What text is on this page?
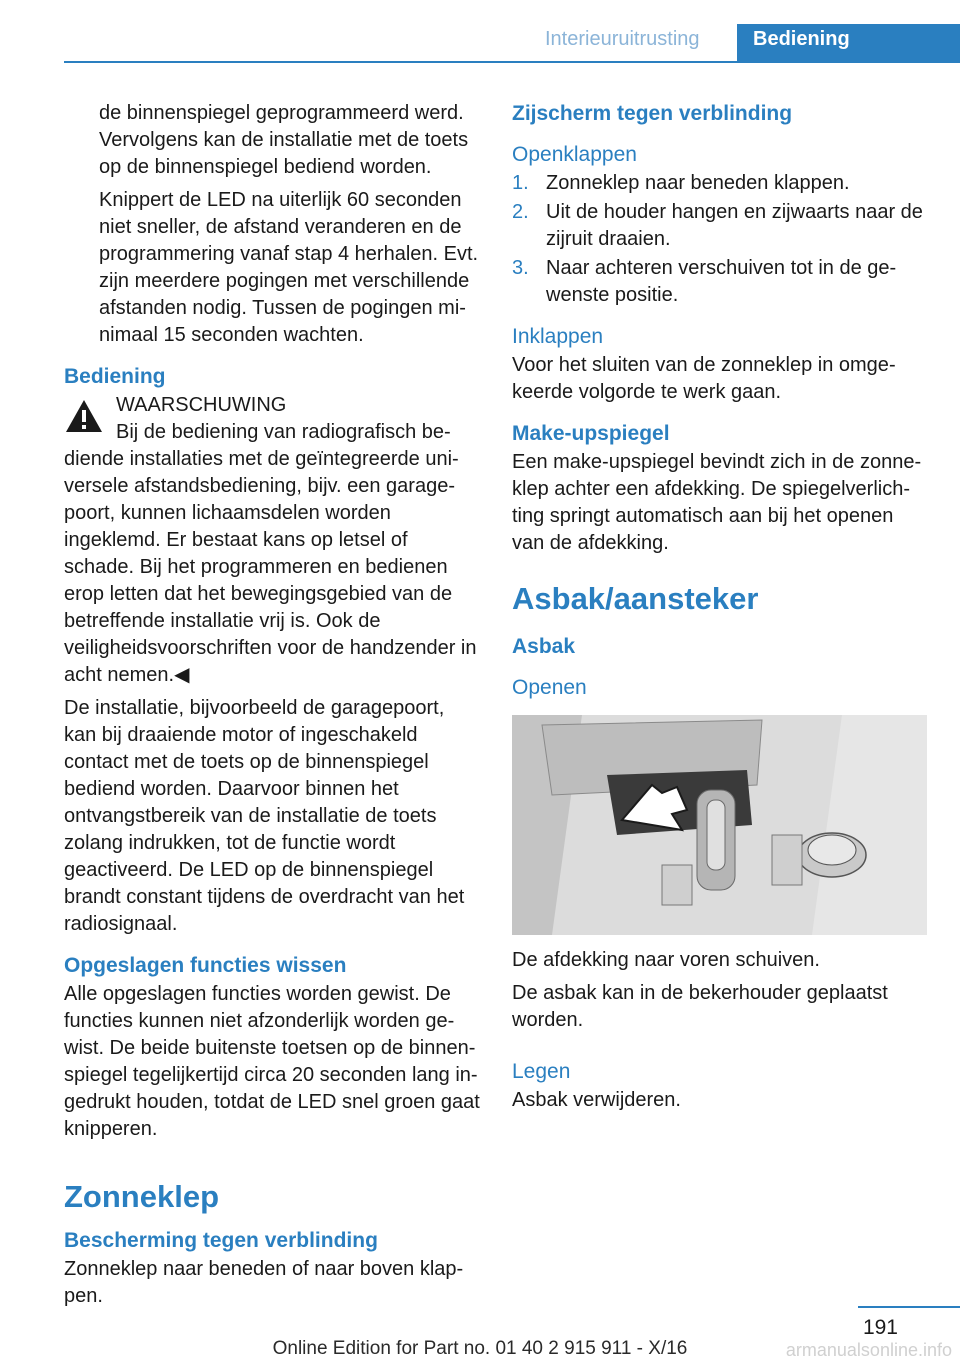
Interieuruitrusting	Bediening

de binnenspiegel geprogrammeerd werd. Vervolgens kan de installatie met de toets op de binnenspiegel bediend worden.

Knippert de LED na uiterlijk 60 seconden niet sneller, de afstand veranderen en de programmering vanaf stap 4 herhalen. Evt. zijn meerdere pogingen met verschillende afstanden nodig. Tussen de pogingen minimaal 15 seconden wachten.

Bediening

WAARSCHUWING

Bij de bediening van radiografisch bediende installaties met de geïntegreerde universele afstandsbediening, bijv. een garagepoort, kunnen lichaamsdelen worden ingeklemd. Er bestaat kans op letsel of schade. Bij het programmeren en bedienen erop letten dat het bewegingsgebied van de betreffende installatie vrij is. Ook de veiligheidsvoorschriften voor de handzender in acht nemen.◀

De installatie, bijvoorbeeld de garagepoort, kan bij draaiende motor of ingeschakeld contact met de toets op de binnenspiegel bediend worden. Daarvoor binnen het ontvangstbereik van de installatie de toets zolang indrukken, tot de functie wordt geactiveerd. De LED op de binnenspiegel brandt constant tijdens de overdracht van het radiosignaal.

Opgeslagen functies wissen

Alle opgeslagen functies worden gewist. De functies kunnen niet afzonderlijk worden gewist. De beide buitenste toetsen op de binnenspiegel tegelijkertijd circa 20 seconden lang ingedrukt houden, totdat de LED snel groen gaat knipperen.

Zonneklep
Bescherming tegen verblinding

Zonneklep naar beneden of naar boven klappen.

Zijscherm tegen verblinding
Openklappen
1. Zonneklep naar beneden klappen.
2. Uit de houder hangen en zijwaarts naar de zijruit draaien.
3. Naar achteren verschuiven tot in de gewenste positie.
Inklappen

Voor het sluiten van de zonneklep in omgekeerde volgorde te werk gaan.

Make-upspiegel

Een make-upspiegel bevindt zich in de zonneklep achter een afdekking. De spiegelverlichting springt automatisch aan bij het openen van de afdekking.

Asbak/aansteker
Asbak
Openen

De afdekking naar voren schuiven.

De asbak kan in de bekerhouder geplaatst worden.

Legen

Asbak verwijderen.

191
Online Edition for Part no. 01 40 2 915 911 - X/16	armanualsonline.info
